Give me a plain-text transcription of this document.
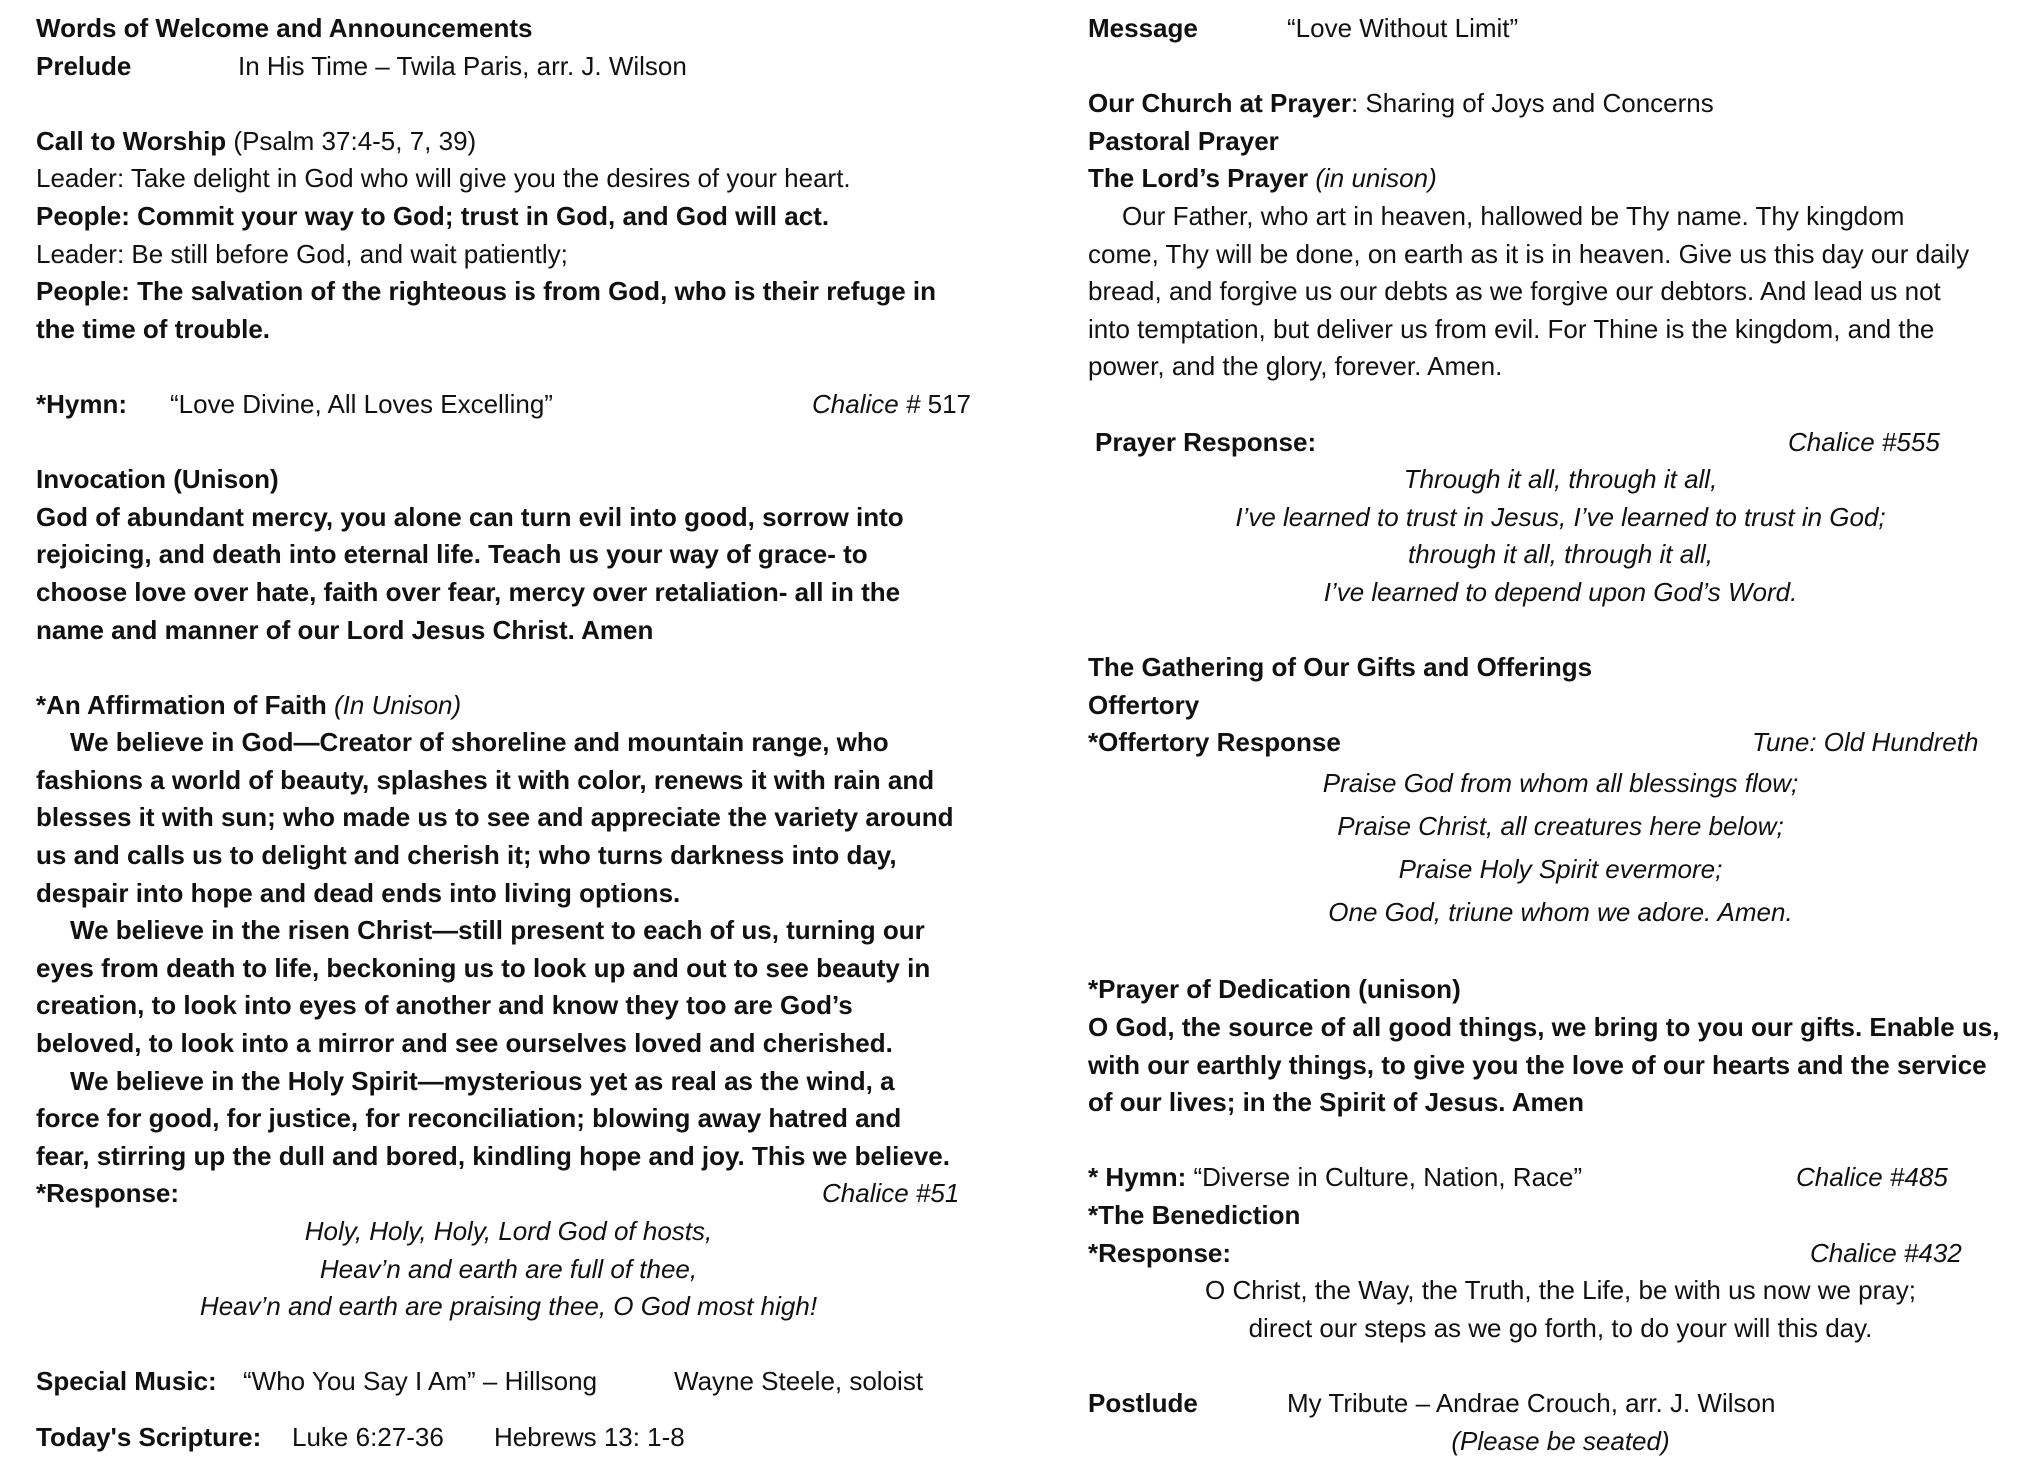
Words of Welcome and Announcements
Prelude	In His Time – Twila Paris, arr. J. Wilson
Call to Worship (Psalm 37:4-5, 7, 39)
Leader: Take delight in God who will give you the desires of your heart.
People: Commit your way to God; trust in God, and God will act.
Leader: Be still before God, and wait patiently;
People: The salvation of the righteous is from God, who is their refuge in
the time of trouble.
*Hymn: “Love Divine, All Loves Excelling”	Chalice # 517
Invocation (Unison)
God of abundant mercy, you alone can turn evil into good, sorrow into
rejoicing, and death into eternal life. Teach us your way of grace- to
choose love over hate, faith over fear, mercy over retaliation- all in the
name and manner of our Lord Jesus Christ. Amen
*An Affirmation of Faith (In Unison)
We believe in God—Creator of shoreline and mountain range, who
fashions a world of beauty, splashes it with color, renews it with rain and
blesses it with sun; who made us to see and appreciate the variety around
us and calls us to delight and cherish it; who turns darkness into day,
despair into hope and dead ends into living options.
We believe in the risen Christ—still present to each of us, turning our
eyes from death to life, beckoning us to look up and out to see beauty in
creation, to look into eyes of another and know they too are God’s
beloved, to look into a mirror and see ourselves loved and cherished.
We believe in the Holy Spirit—mysterious yet as real as the wind, a
force for good, for justice, for reconciliation; blowing away hatred and
fear, stirring up the dull and bored, kindling hope and joy. This we believe.
*Response:	Chalice #51
Holy, Holy, Holy, Lord God of hosts,
Heav’n and earth are full of thee,
Heav’n and earth are praising thee, O God most high!
Special Music: “Who You Say I Am” – Hillsong	Wayne Steele, soloist
Today's Scripture: Luke 6:27-36 Hebrews 13: 1-8
Message	“Love Without Limit”
Our Church at Prayer: Sharing of Joys and Concerns
Pastoral Prayer
The Lord’s Prayer (in unison)
Our Father, who art in heaven, hallowed be Thy name. Thy kingdom
come, Thy will be done, on earth as it is in heaven. Give us this day our daily
bread, and forgive us our debts as we forgive our debtors. And lead us not
into temptation, but deliver us from evil. For Thine is the kingdom, and the
power, and the glory, forever. Amen.
Prayer Response:	Chalice #555
Through it all, through it all,
I’ve learned to trust in Jesus, I’ve learned to trust in God;
through it all, through it all,
I’ve learned to depend upon God’s Word.
The Gathering of Our Gifts and Offerings
Offertory
*Offertory Response	Tune: Old Hundreth
Praise God from whom all blessings flow;
Praise Christ, all creatures here below;
Praise Holy Spirit evermore;
One God, triune whom we adore. Amen.
*Prayer of Dedication (unison)
O God, the source of all good things, we bring to you our gifts. Enable us,
with our earthly things, to give you the love of our hearts and the service
of our lives; in the Spirit of Jesus. Amen
* Hymn: “Diverse in Culture, Nation, Race”	Chalice #485
*The Benediction
*Response:	Chalice #432
O Christ, the Way, the Truth, the Life, be with us now we pray;
direct our steps as we go forth, to do your will this day.
Postlude	My Tribute – Andrae Crouch, arr. J. Wilson
(Please be seated)
